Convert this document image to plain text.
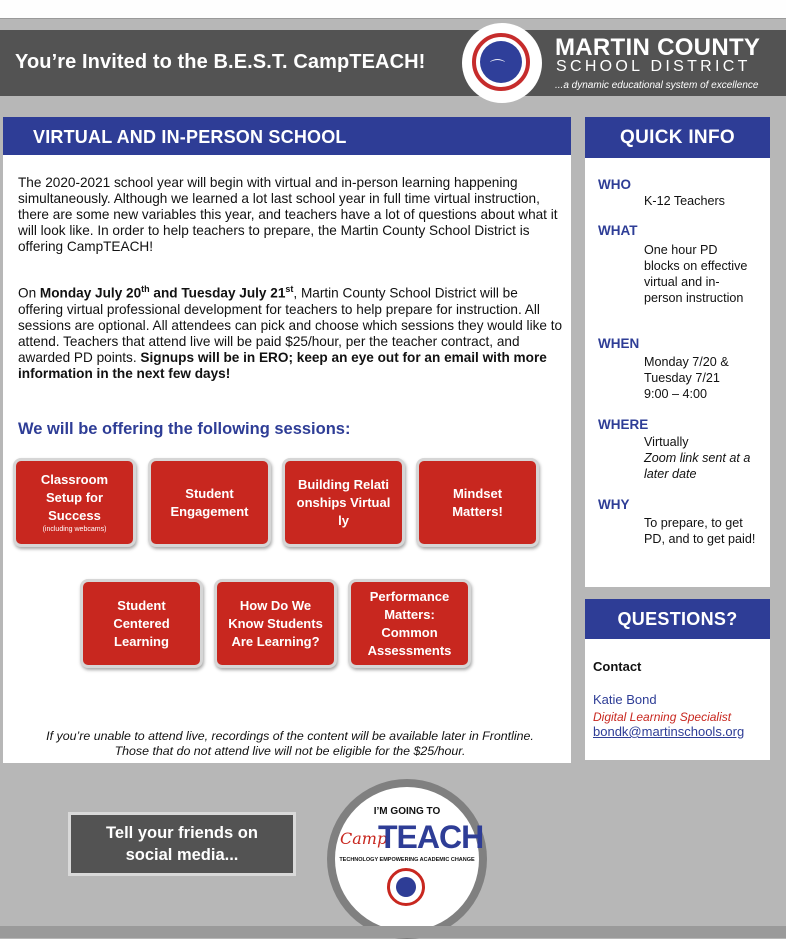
You’re Invited to the B.E.S.T. CampTEACH!	⌒
MARTIN COUNTY
SCHOOL DISTRICT
...a dynamic educational system of excellence
VIRTUAL AND IN-PERSON SCHOOL
The 2020-2021 school year will begin with virtual and in-person learning happening simultaneously. Although we learned a lot last school year in full time virtual instruction, there are some new variables this year, and teachers have a lot of questions about what it will look like. In order to help teachers to prepare, the Martin County School District is offering CampTEACH!
On Monday July 20th and Tuesday July 21st, Martin County School District will be offering virtual professional development for teachers to help prepare for instruction. All sessions are optional. All attendees can pick and choose which sessions they would like to attend. Teachers that attend live will be paid $25/hour, per the teacher contract, and awarded PD points. Signups will be in ERO; keep an eye out for an email with more information in the next few days!
We will be offering the following sessions:
Classroom Setup for Success
(including webcams)
Student Engagement
Building Relationships Virtually
Mindset Matters!
Student Centered Learning
How Do We Know Students Are Learning?
Performance Matters: Common Assessments
If you’re unable to attend live, recordings of the content will be available later in Frontline. Those that do not attend live will not be eligible for the $25/hour.
QUICK INFO
WHO
K-12 Teachers
WHAT
One hour PD blocks on effective virtual and in-person instruction
WHEN
Monday 7/20 &
Tuesday 7/21
9:00 – 4:00
WHERE
Virtually
Zoom link sent at a later date
WHY
To prepare, to get PD, and to get paid!
QUESTIONS?
Contact
Katie Bond
Digital Learning Specialist
bondk@martinschools.org
Tell your friends on social media...
I’M GOING TO
Camp
TEACH
TECHNOLOGY EMPOWERING ACADEMIC CHANGE
